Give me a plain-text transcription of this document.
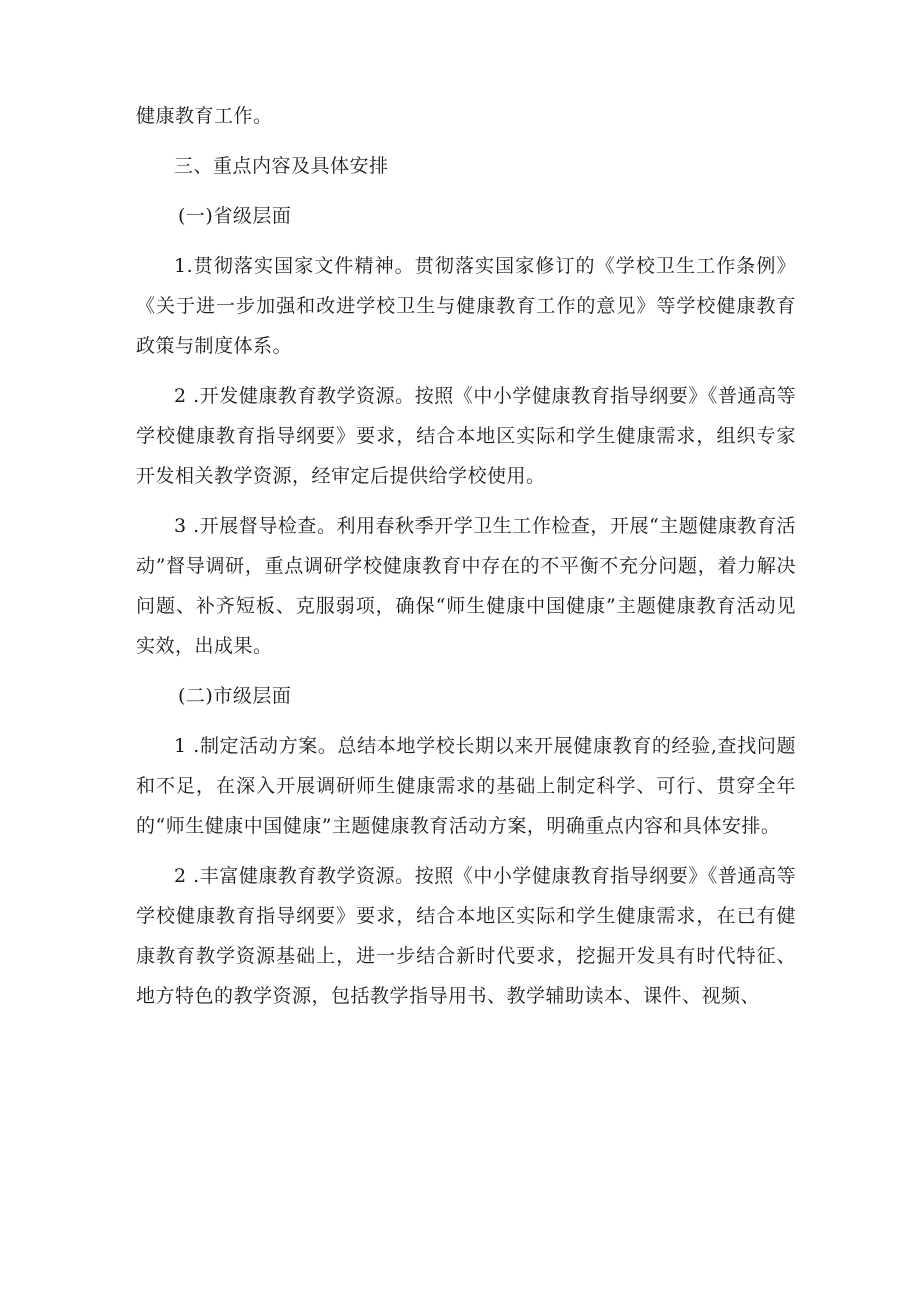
健康教育工作。

三、重点内容及具体安排

(一)省级层面

1.贯彻落实国家文件精神。贯彻落实国家修订的《学校卫生工作条例》《关于进一步加强和改进学校卫生与健康教育工作的意见》等学校健康教育政策与制度体系。

2 .开发健康教育教学资源。按照《中小学健康教育指导纲要》《普通高等学校健康教育指导纲要》要求，结合本地区实际和学生健康需求，组织专家开发相关教学资源，经审定后提供给学校使用。

3 .开展督导检查。利用春秋季开学卫生工作检查，开展“主题健康教育活动”督导调研，重点调研学校健康教育中存在的不平衡不充分问题，着力解决问题、补齐短板、克服弱项，确保“师生健康中国健康”主题健康教育活动见实效，出成果。

(二)市级层面

1 .制定活动方案。总结本地学校长期以来开展健康教育的经验,查找问题和不足，在深入开展调研师生健康需求的基础上制定科学、可行、贯穿全年的“师生健康中国健康”主题健康教育活动方案，明确重点内容和具体安排。

2 .丰富健康教育教学资源。按照《中小学健康教育指导纲要》《普通高等学校健康教育指导纲要》要求，结合本地区实际和学生健康需求，在已有健康教育教学资源基础上，进一步结合新时代要求，挖掘开发具有时代特征、地方特色的教学资源，包括教学指导用书、教学辅助读本、课件、视频、
